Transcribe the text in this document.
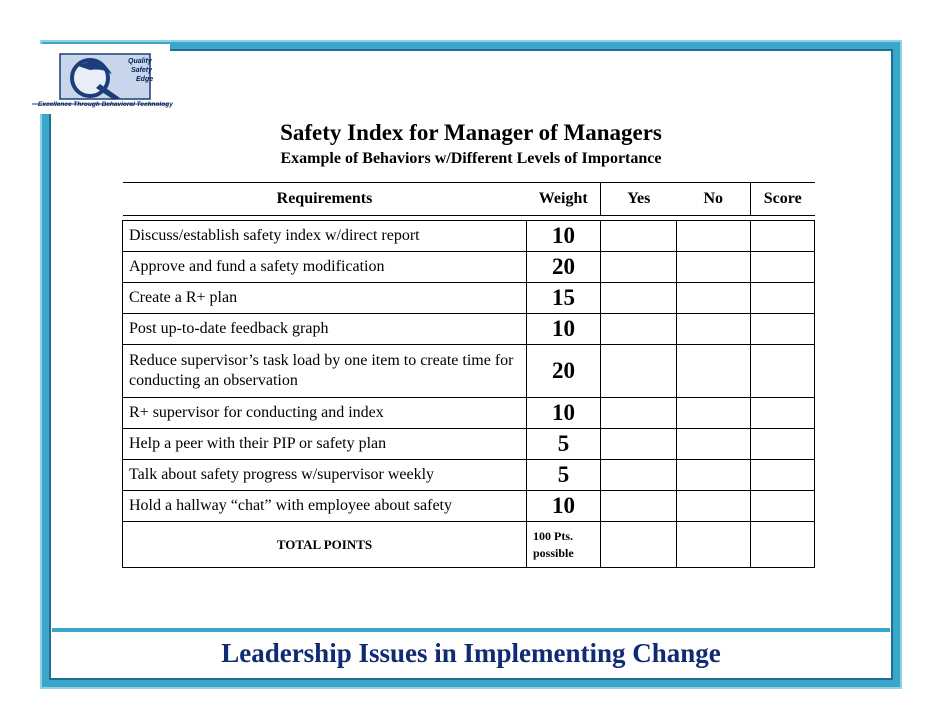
Quality
Safety
Edge
Excellence Through Behavioral Technology
Safety Index for Manager of Managers
Example of Behaviors w/Different Levels of Importance
Requirements	Weight	Yes	No	Score

Discuss/establish safety index w/direct report	10			
Approve and fund a safety modification	20			
Create a R+ plan	15			
Post up-to-date feedback graph	10			
Reduce supervisor’s task load by one item to create time for conducting an observation	20			
R+ supervisor for conducting and index	10			
Help a peer with their PIP or safety plan	5			
Talk about safety progress w/supervisor weekly	5			
Hold a hallway “chat” with employee about safety	10			
TOTAL POINTS	100 Pts.
possible			

Leadership Issues in Implementing Change
